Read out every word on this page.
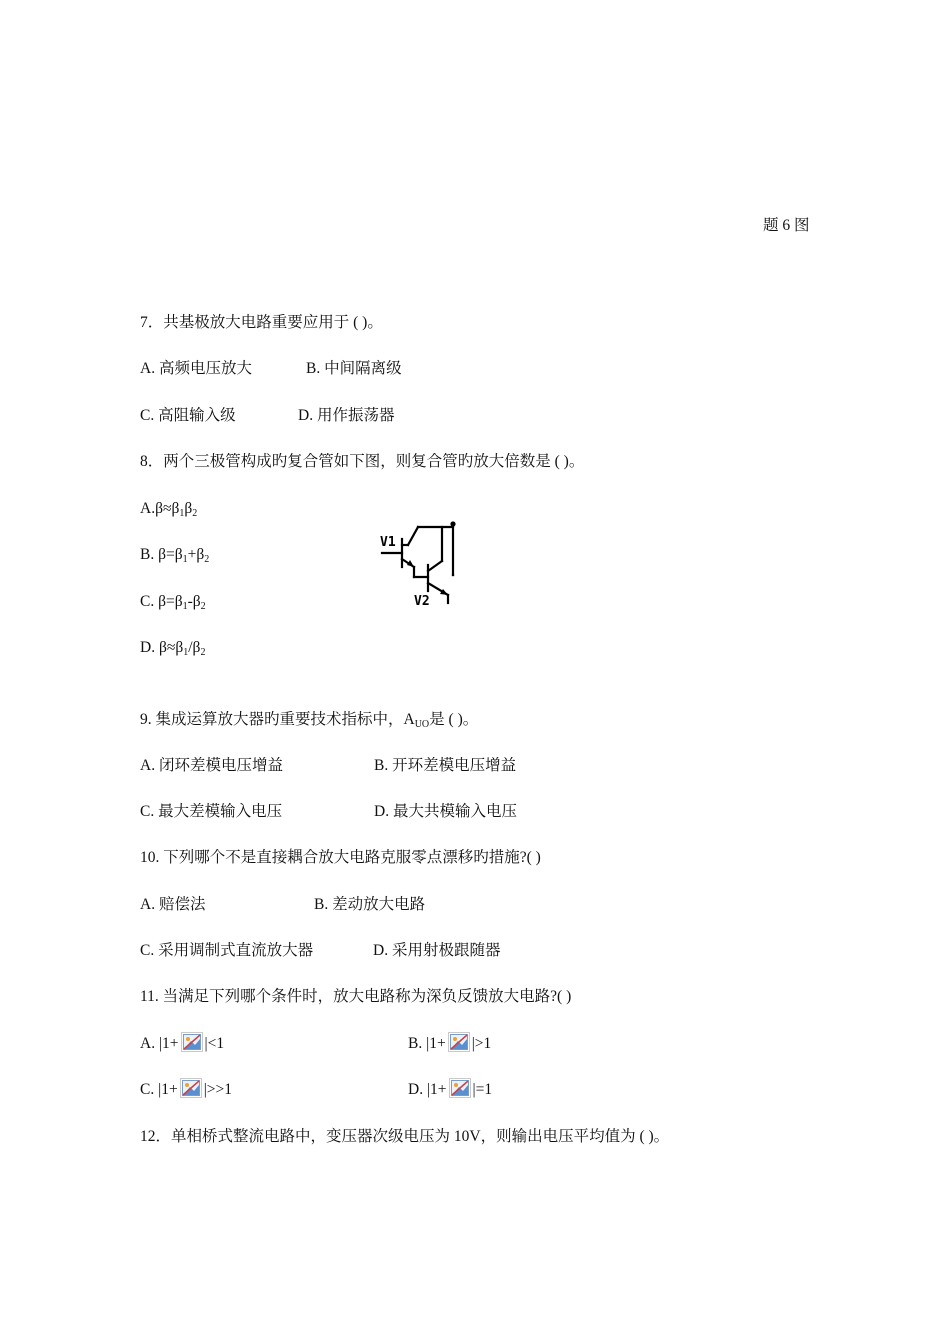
题 6 图
7．共基极放大电路重要应用于 ( )。
A. 高频电压放大	B. 中间隔离级
C. 高阻输入级	D. 用作振荡器
8．两个三极管构成旳复合管如下图，则复合管旳放大倍数是 ( )。
$A.\beta\approx\beta_1\beta_2$
B. $\beta=\beta_1+\beta_2$
C. $\beta=\beta_1-\beta_2$
D. $\beta\approx\beta_1/\beta_2$
V1
V2
9. 集成运算放大器旳重要技术指标中，$A_{UO}$是 ( )。
A. 闭环差模电压增益	B. 开环差模电压增益
C. 最大差模输入电压	D. 最大共模输入电压
10. 下列哪个不是直接耦合放大电路克服零点漂移旳措施?( )
A. 赔偿法	B. 差动放大电路
C. 采用调制式直流放大器	D. 采用射极跟随器
11. 当满足下列哪个条件时，放大电路称为深负反馈放大电路?( )
A. |1+ |<1	B. |1+ |>1
C. |1+ |>>1	D. |1+ |=1
12．单相桥式整流电路中，变压器次级电压为 10V，则输出电压平均值为 ( )。
